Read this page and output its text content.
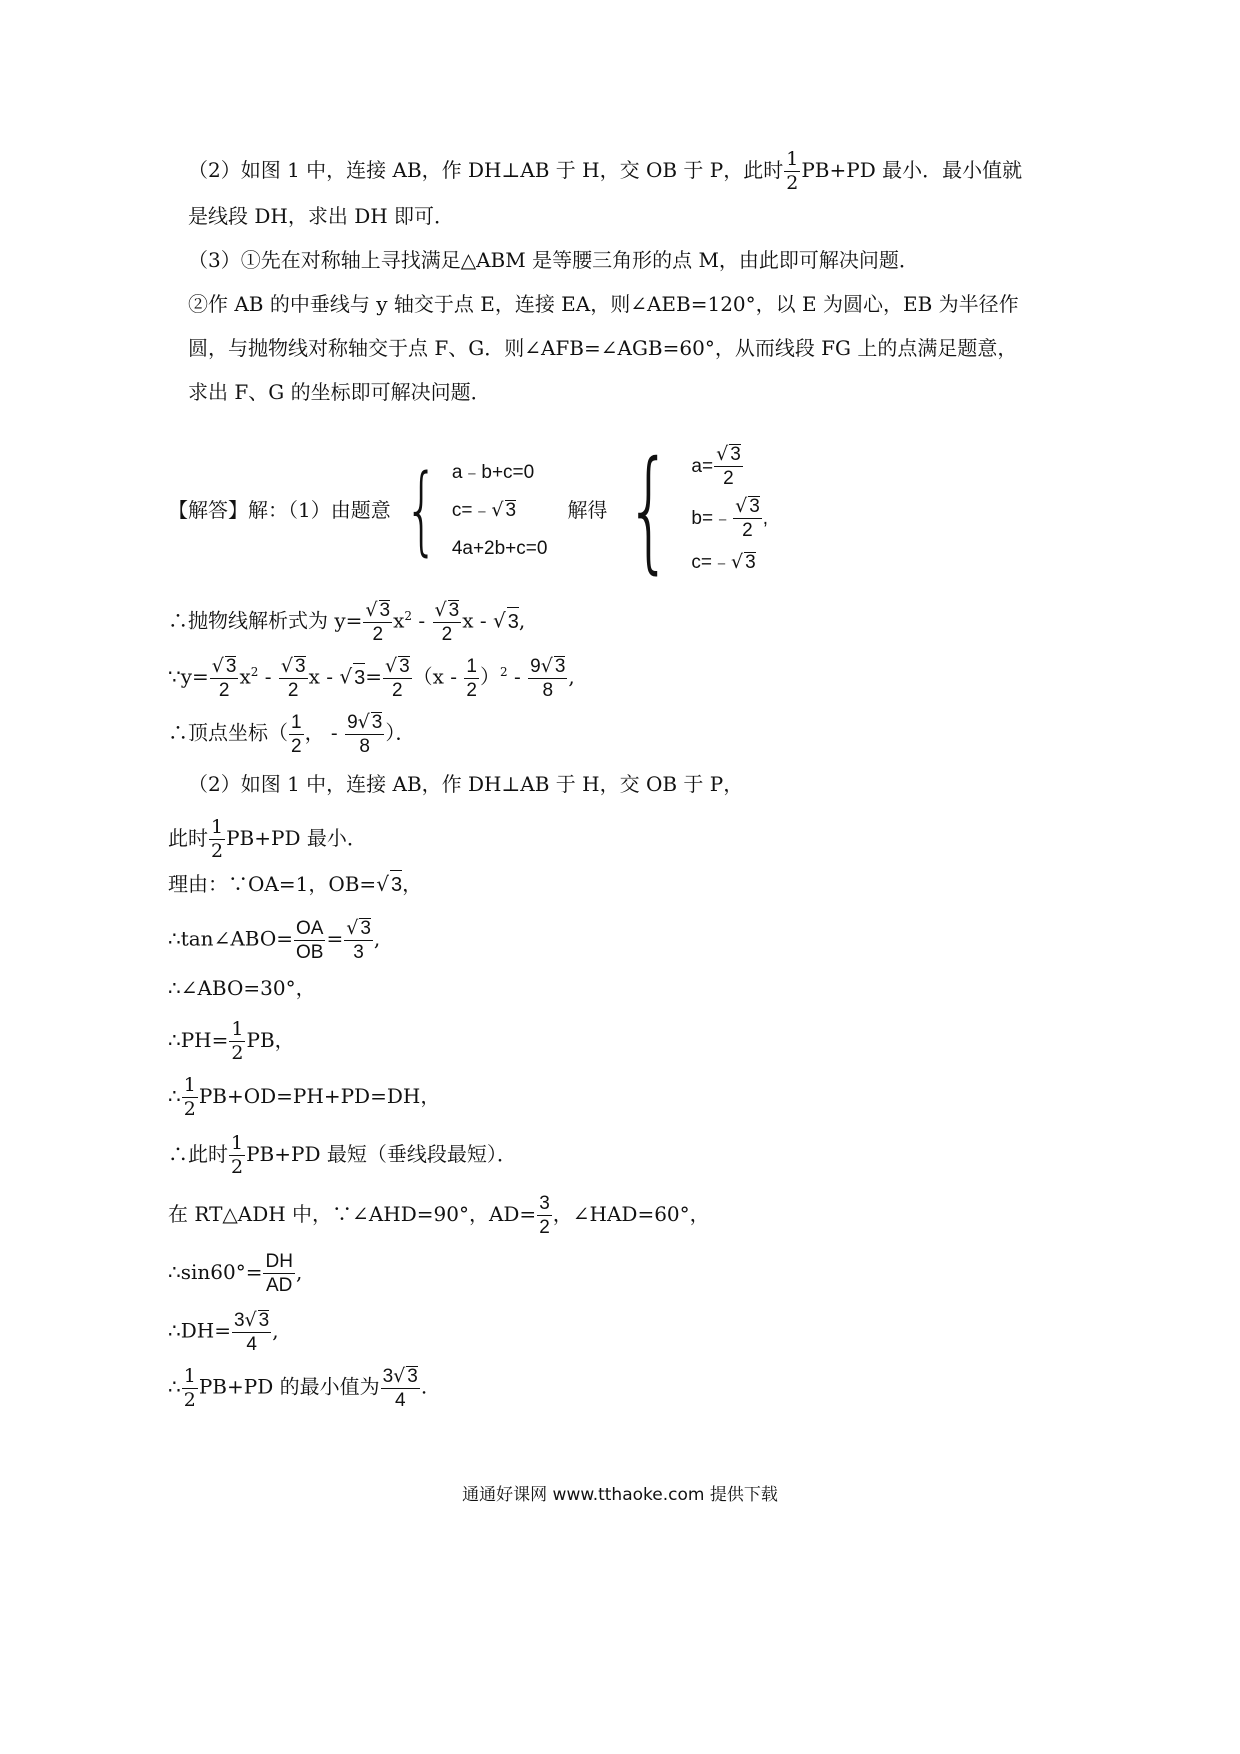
（2）如图 1 中，连接 AB，作 DH⊥AB 于 H，交 OB 于 P，此时 $\frac{1}{2} PB+PD$ 最小．最小值就
是线段 DH，求出 DH 即可．
（3）①先在对称轴上寻找满足△ABM 是等腰三角形的点 M，由此即可解决问题．
②作 AB 的中垂线与 y 轴交于点 E，连接 EA，则∠AEB=120°，以 E 为圆心，EB 为半径作
圆，与抛物线对称轴交于点 F、G．则∠AFB=∠AGB=60°，从而线段 FG 上的点满足题意，
求出 F、G 的坐标即可解决问题．
【解答】解：（1）由题意 { a﹣b+c=0
c=﹣ √ 3
4a+2b+c=0
解得 { $a= \frac{√ 3}{2}$
b=﹣ $\frac{√ 3}{2}$ ,
c=﹣ √ 3
∴抛物线解析式为 $y= \frac{√ 3}{2} x^2 - \frac{√ 3}{2}$ x - √ 3,
∵y= $\frac{√ 3}{2} x^2 - \frac{√ 3}{2}$ x - √ $3= \frac{√ 3}{2} (x - \frac{1}{2} )^2 - \frac{9√ 3}{8}$ ,
∴顶点坐标（ $\frac{1}{2}$ ， - $\frac{9√ 3}{8}$ ）．
（2）如图 1 中，连接 AB，作 DH⊥AB 于 H，交 OB 于 P，
此时 $\frac{1}{2} PB+PD$ 最小．
理由：∵OA=1，OB=√ 3，
∴tan∠ABO= $\frac{OA}{OB} = \frac{√ 3}{3}$ ,
∴∠ABO=30°，
∴PH= $\frac{1}{2}$ PB，
∴ $\frac{1}{2} PB+OD=PH+PD=DH$，
∴此时 $\frac{1}{2} PB+PD$ 最短（垂线段最短）．
在 RT△ADH 中，∵∠AHD=90°，$AD= \frac{3}{2}$ ，∠HAD=60°，
∴sin60°= $\frac{DH}{AD}$ ,
∴DH= $\frac{3√ 3}{4}$ ,
∴ $\frac{1}{2} PB+PD$ 的最小值为 $\frac{3√ 3}{4}$ .
通通好课网 www.tthaoke.com 提供下载
